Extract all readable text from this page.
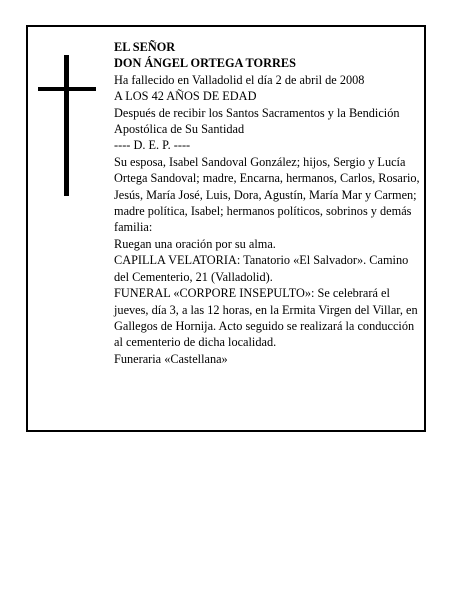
EL SEÑOR

DON ÁNGEL ORTEGA TORRES

Ha fallecido en Valladolid el día 2 de abril de 2008

A LOS 42 AÑOS DE EDAD

Después de recibir los Santos Sacramentos y la Bendición Apostólica de Su Santidad

---- D. E. P. ----

Su esposa, Isabel Sandoval González; hijos, Sergio y Lucía Ortega Sandoval; madre, Encarna, hermanos, Carlos, Rosario, Jesús, María José, Luis, Dora, Agustín, María Mar y Carmen; madre política, Isabel; hermanos políticos, sobrinos y demás familia:

Ruegan una oración por su alma.

CAPILLA VELATORIA: Tanatorio «El Salvador». Camino del Cementerio, 21 (Valladolid).

FUNERAL «CORPORE INSEPULTO»: Se celebrará el jueves, día 3, a las 12 horas, en la Ermita Virgen del Villar, en Gallegos de Hornija. Acto seguido se realizará la conducción al cementerio de dicha localidad.

Funeraria «Castellana»
